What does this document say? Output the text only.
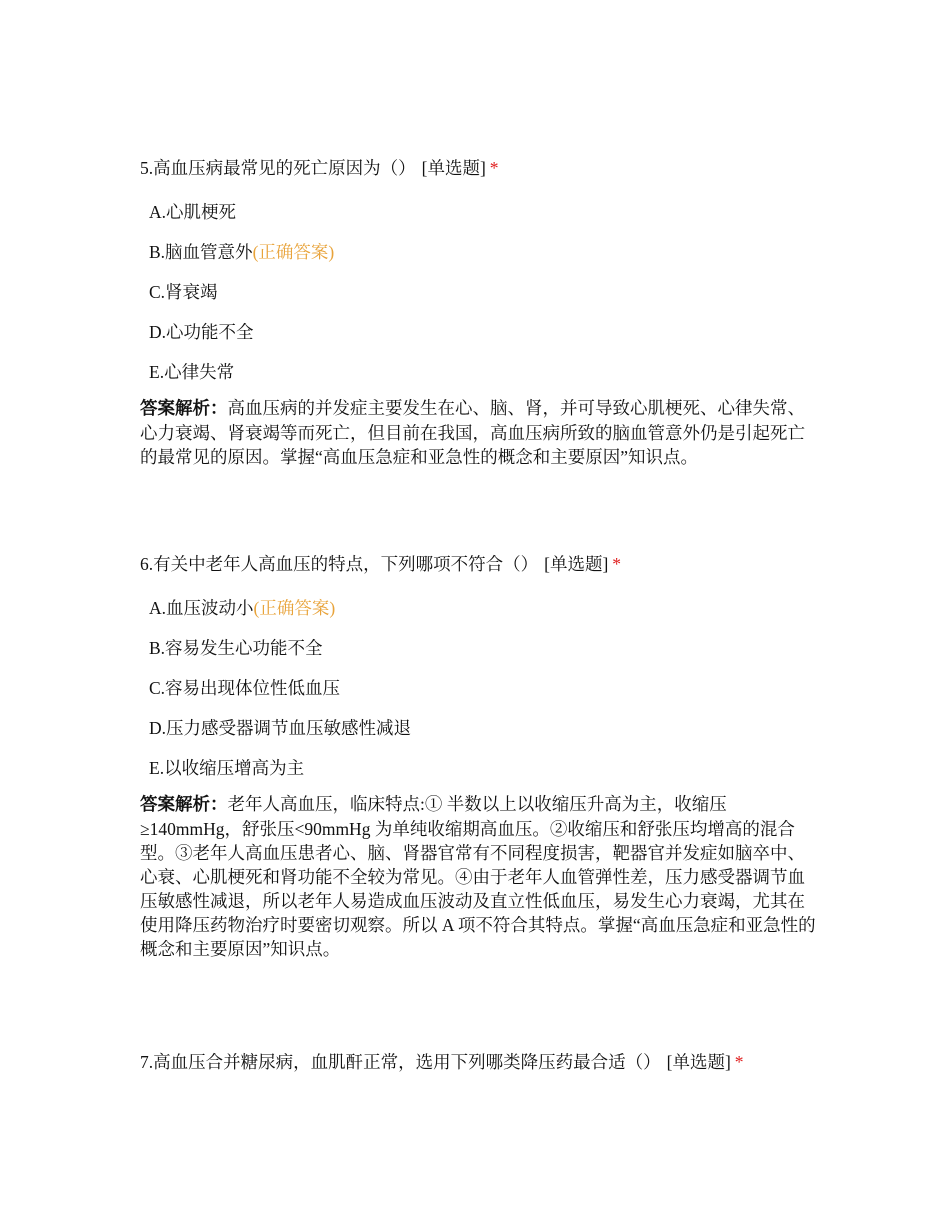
5.高血压病最常见的死亡原因为（） [单选题] *
A.心肌梗死
B.脑血管意外(正确答案)
C.肾衰竭
D.心功能不全
E.心律失常
答案解析：高血压病的并发症主要发生在心、脑、肾，并可导致心肌梗死、心律失常、心力衰竭、肾衰竭等而死亡，但目前在我国，高血压病所致的脑血管意外仍是引起死亡的最常见的原因。掌握“高血压急症和亚急性的概念和主要原因”知识点。
6.有关中老年人高血压的特点，下列哪项不符合（） [单选题] *
A.血压波动小(正确答案)
B.容易发生心功能不全
C.容易出现体位性低血压
D.压力感受器调节血压敏感性减退
E.以收缩压增高为主
答案解析：老年人高血压，临床特点:① 半数以上以收缩压升高为主，收缩压≥140mmHg，舒张压<90mmHg 为单纯收缩期高血压。②收缩压和舒张压均增高的混合型。③老年人高血压患者心、脑、肾器官常有不同程度损害，靶器官并发症如脑卒中、心衰、心肌梗死和肾功能不全较为常见。④由于老年人血管弹性差，压力感受器调节血压敏感性减退，所以老年人易造成血压波动及直立性低血压，易发生心力衰竭，尤其在使用降压药物治疗时要密切观察。所以 A 项不符合其特点。掌握“高血压急症和亚急性的概念和主要原因”知识点。
7.高血压合并糖尿病，血肌酐正常，选用下列哪类降压药最合适（） [单选题] *
